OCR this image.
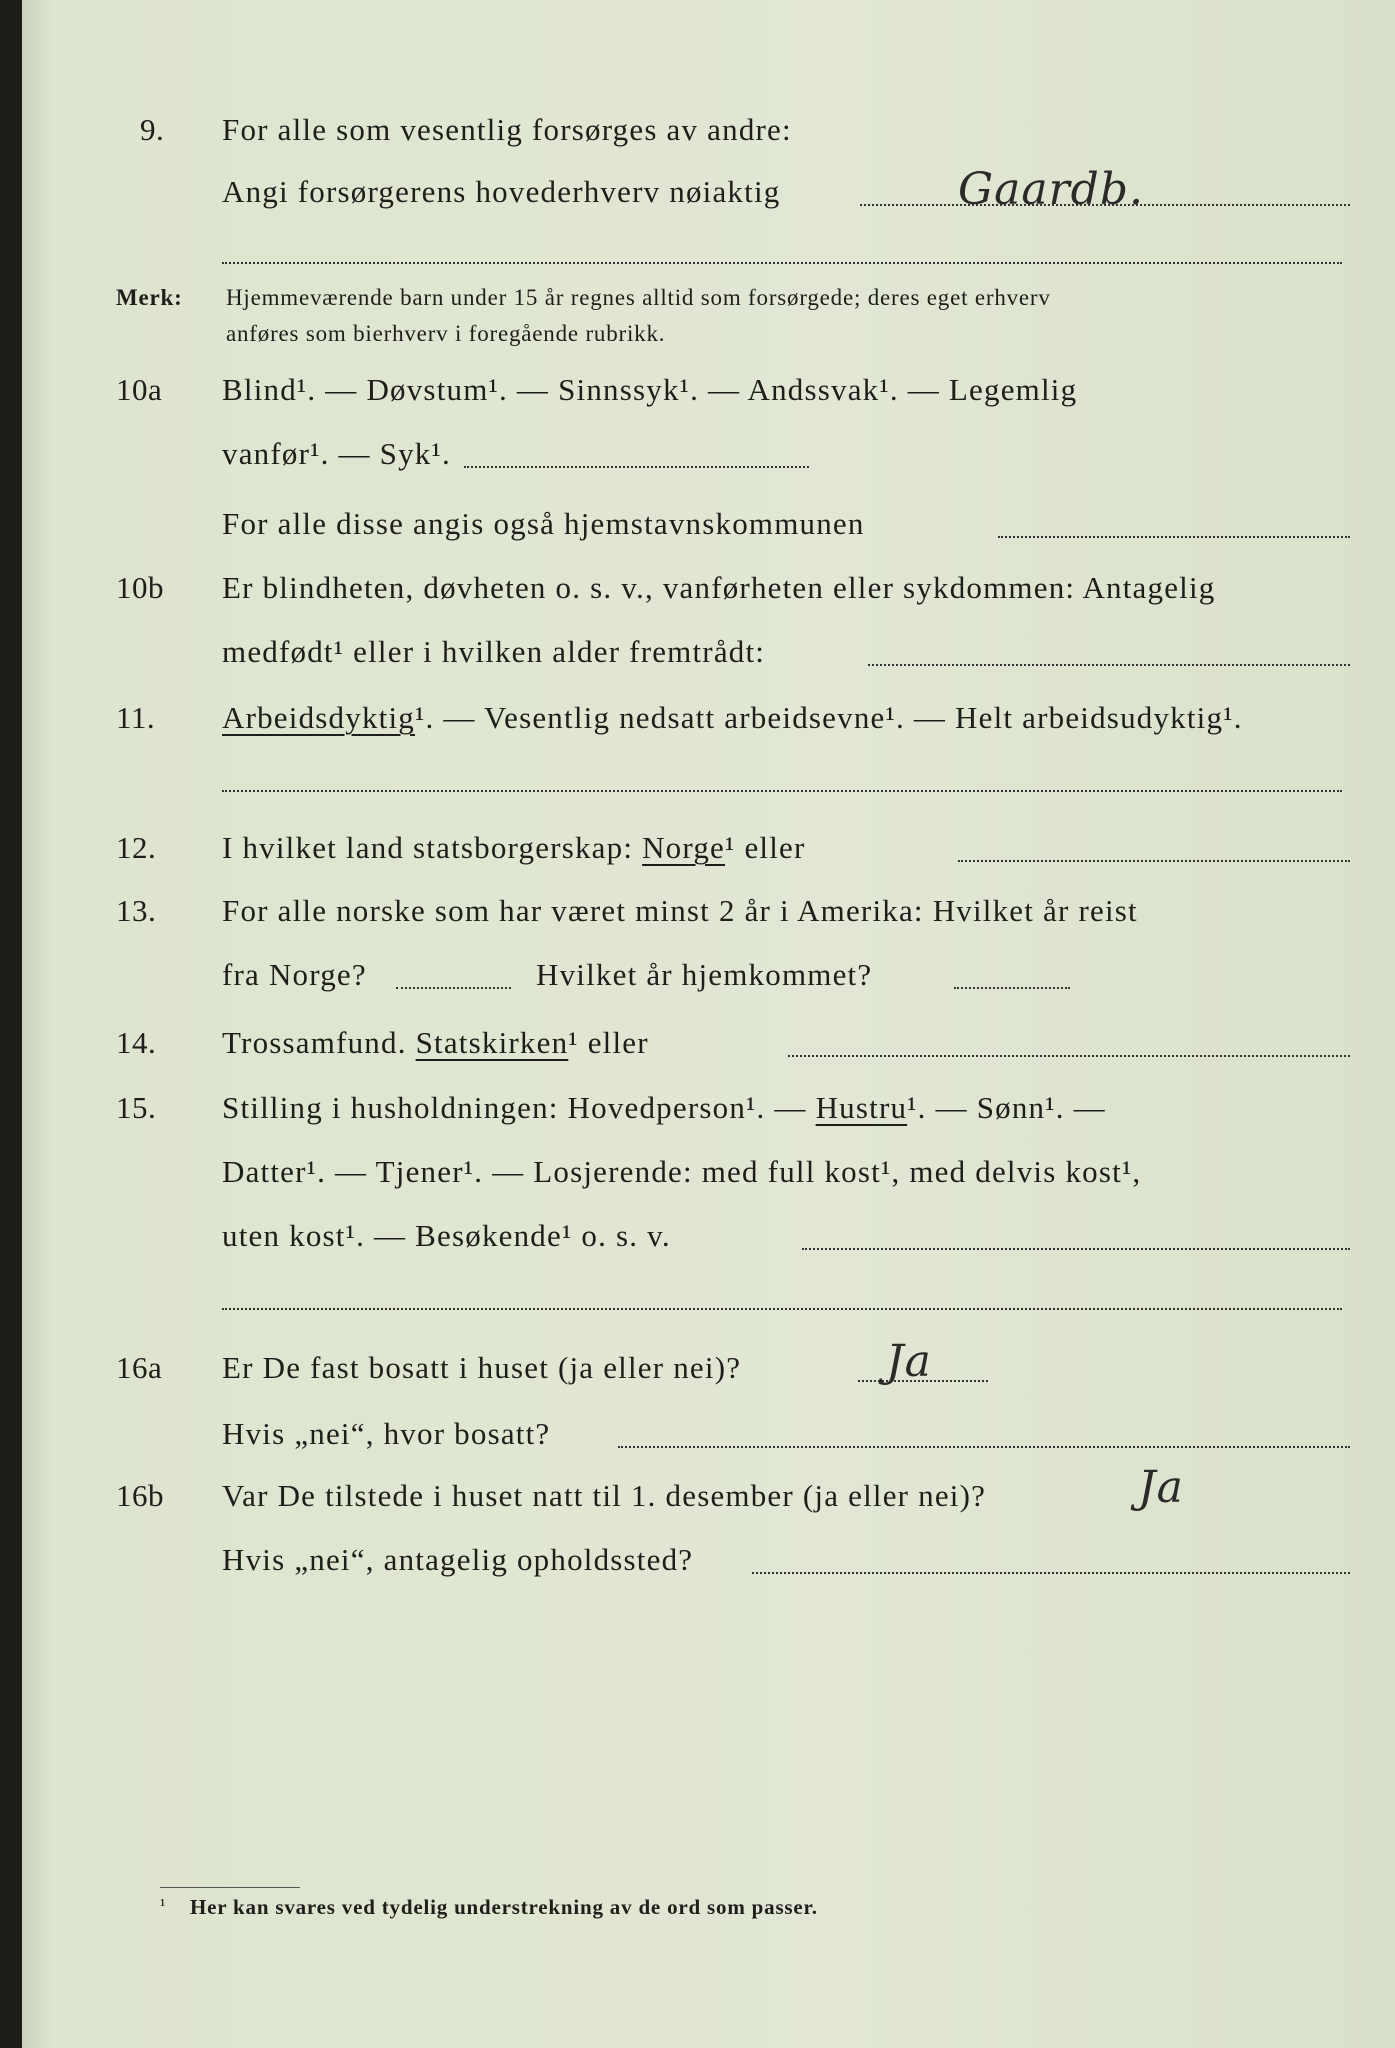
9. For alle som vesentlig forsørges av andre:
Angi forsørgerens hovederhverv nøiaktig	Gaardb.
Merk: Hjemmeværende barn under 15 år regnes alltid som forsørgede; deres eget erhverv
anføres som bierhverv i foregående rubrikk.
10a Blind¹. — Døvstum¹. — Sinnssyk¹. — Andssvak¹. — Legemlig
vanfør¹. — Syk¹.
For alle disse angis også hjemstavnskommunen
10b Er blindheten, døvheten o. s. v., vanførheten eller sykdommen: Antagelig
medfødt¹ eller i hvilken alder fremtrådt:
11. Arbeidsdyktig¹. — Vesentlig nedsatt arbeidsevne¹. — Helt arbeidsudyktig¹.
12. I hvilket land statsborgerskap: Norge¹ eller
13. For alle norske som har været minst 2 år i Amerika: Hvilket år reist
fra Norge?	Hvilket år hjemkommet?
14. Trossamfund. Statskirken¹ eller
15. Stilling i husholdningen: Hovedperson¹. — Hustru¹. — Sønn¹. —
Datter¹. — Tjener¹. — Losjerende: med full kost¹, med delvis kost¹,
uten kost¹. — Besøkende¹ o. s. v.
16a Er De fast bosatt i huset (ja eller nei)?	Ja
Hvis „nei“, hvor bosatt?
16b Var De tilstede i huset natt til 1. desember (ja eller nei)?	Ja
Hvis „nei“, antagelig opholdssted?
¹ Her kan svares ved tydelig understrekning av de ord som passer.
